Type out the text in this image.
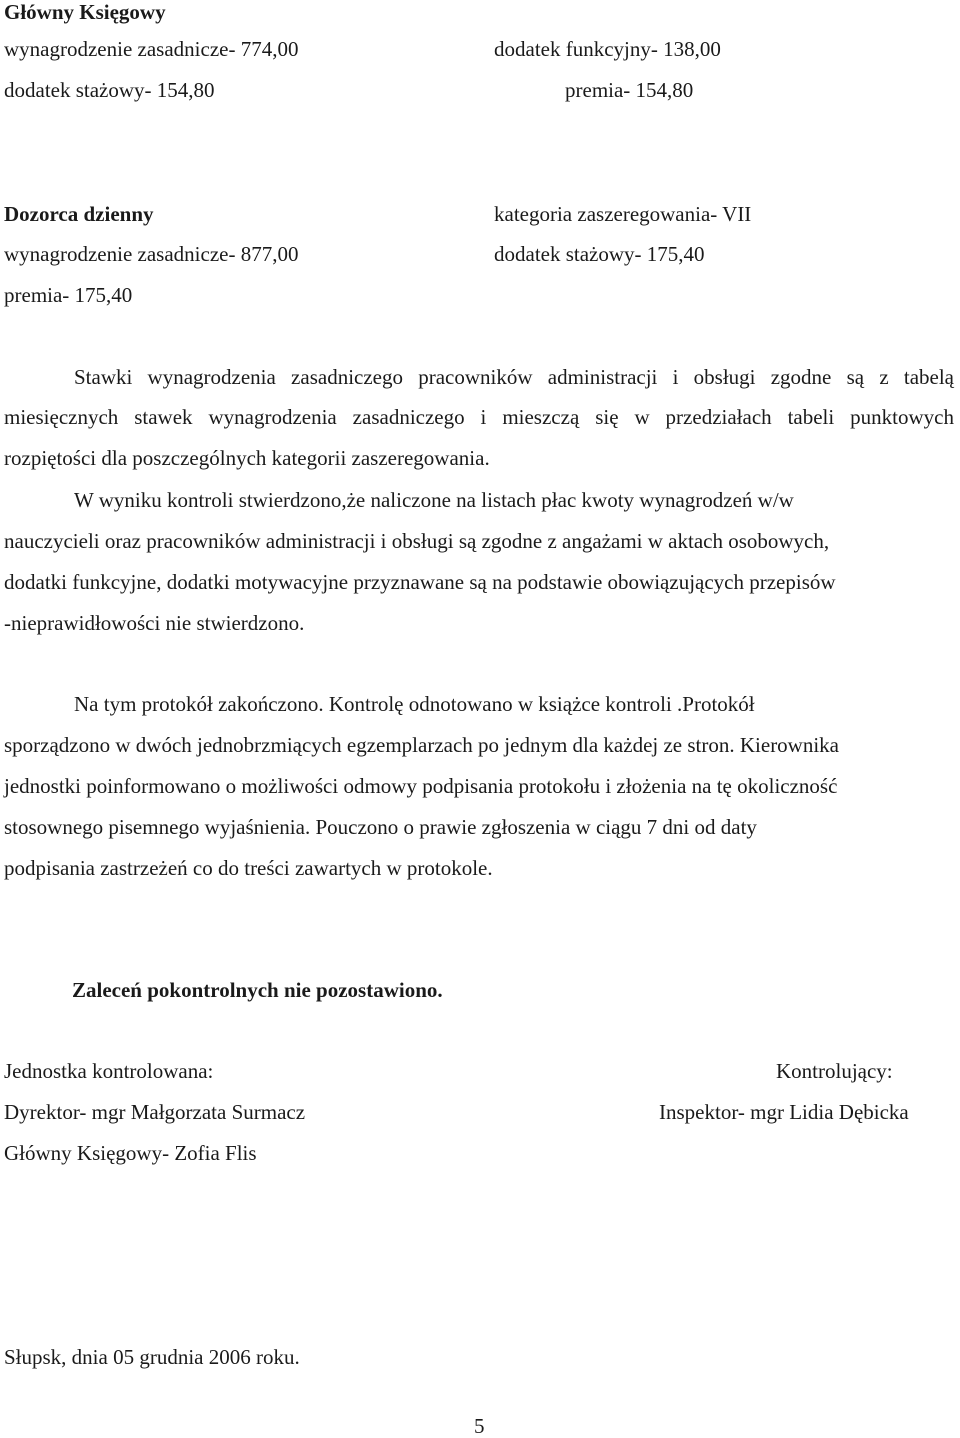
Główny Księgowy
wynagrodzenie zasadnicze- 774,00	dodatek funkcyjny- 138,00
dodatek stażowy- 154,80	premia- 154,80
Dozorca dzienny	kategoria zaszeregowania- VII
wynagrodzenie zasadnicze- 877,00	dodatek stażowy- 175,40
premia- 175,40
Stawki wynagrodzenia zasadniczego pracowników administracji i obsługi zgodne są z tabelą
miesięcznych stawek wynagrodzenia zasadniczego i mieszczą się w przedziałach tabeli punktowych
rozpiętości dla poszczególnych kategorii zaszeregowania.
W wyniku kontroli stwierdzono,że naliczone na listach płac kwoty wynagrodzeń w/w
nauczycieli oraz pracowników administracji i obsługi są zgodne z angażami w aktach osobowych,
dodatki funkcyjne, dodatki motywacyjne przyznawane są na podstawie obowiązujących przepisów
-nieprawidłowości nie stwierdzono.
Na tym protokół zakończono. Kontrolę odnotowano w książce kontroli .Protokół
sporządzono w dwóch jednobrzmiących egzemplarzach po jednym dla każdej ze stron. Kierownika
jednostki poinformowano o możliwości odmowy podpisania protokołu i złożenia na tę okoliczność
stosownego pisemnego wyjaśnienia. Pouczono o prawie zgłoszenia w ciągu 7 dni od daty
podpisania zastrzeżeń co do treści zawartych w protokole.
Zaleceń pokontrolnych nie pozostawiono.
Jednostka kontrolowana:	Kontrolujący:
Dyrektor- mgr Małgorzata Surmacz	Inspektor- mgr Lidia Dębicka
Główny Księgowy- Zofia Flis
Słupsk, dnia 05 grudnia 2006 roku.
5
